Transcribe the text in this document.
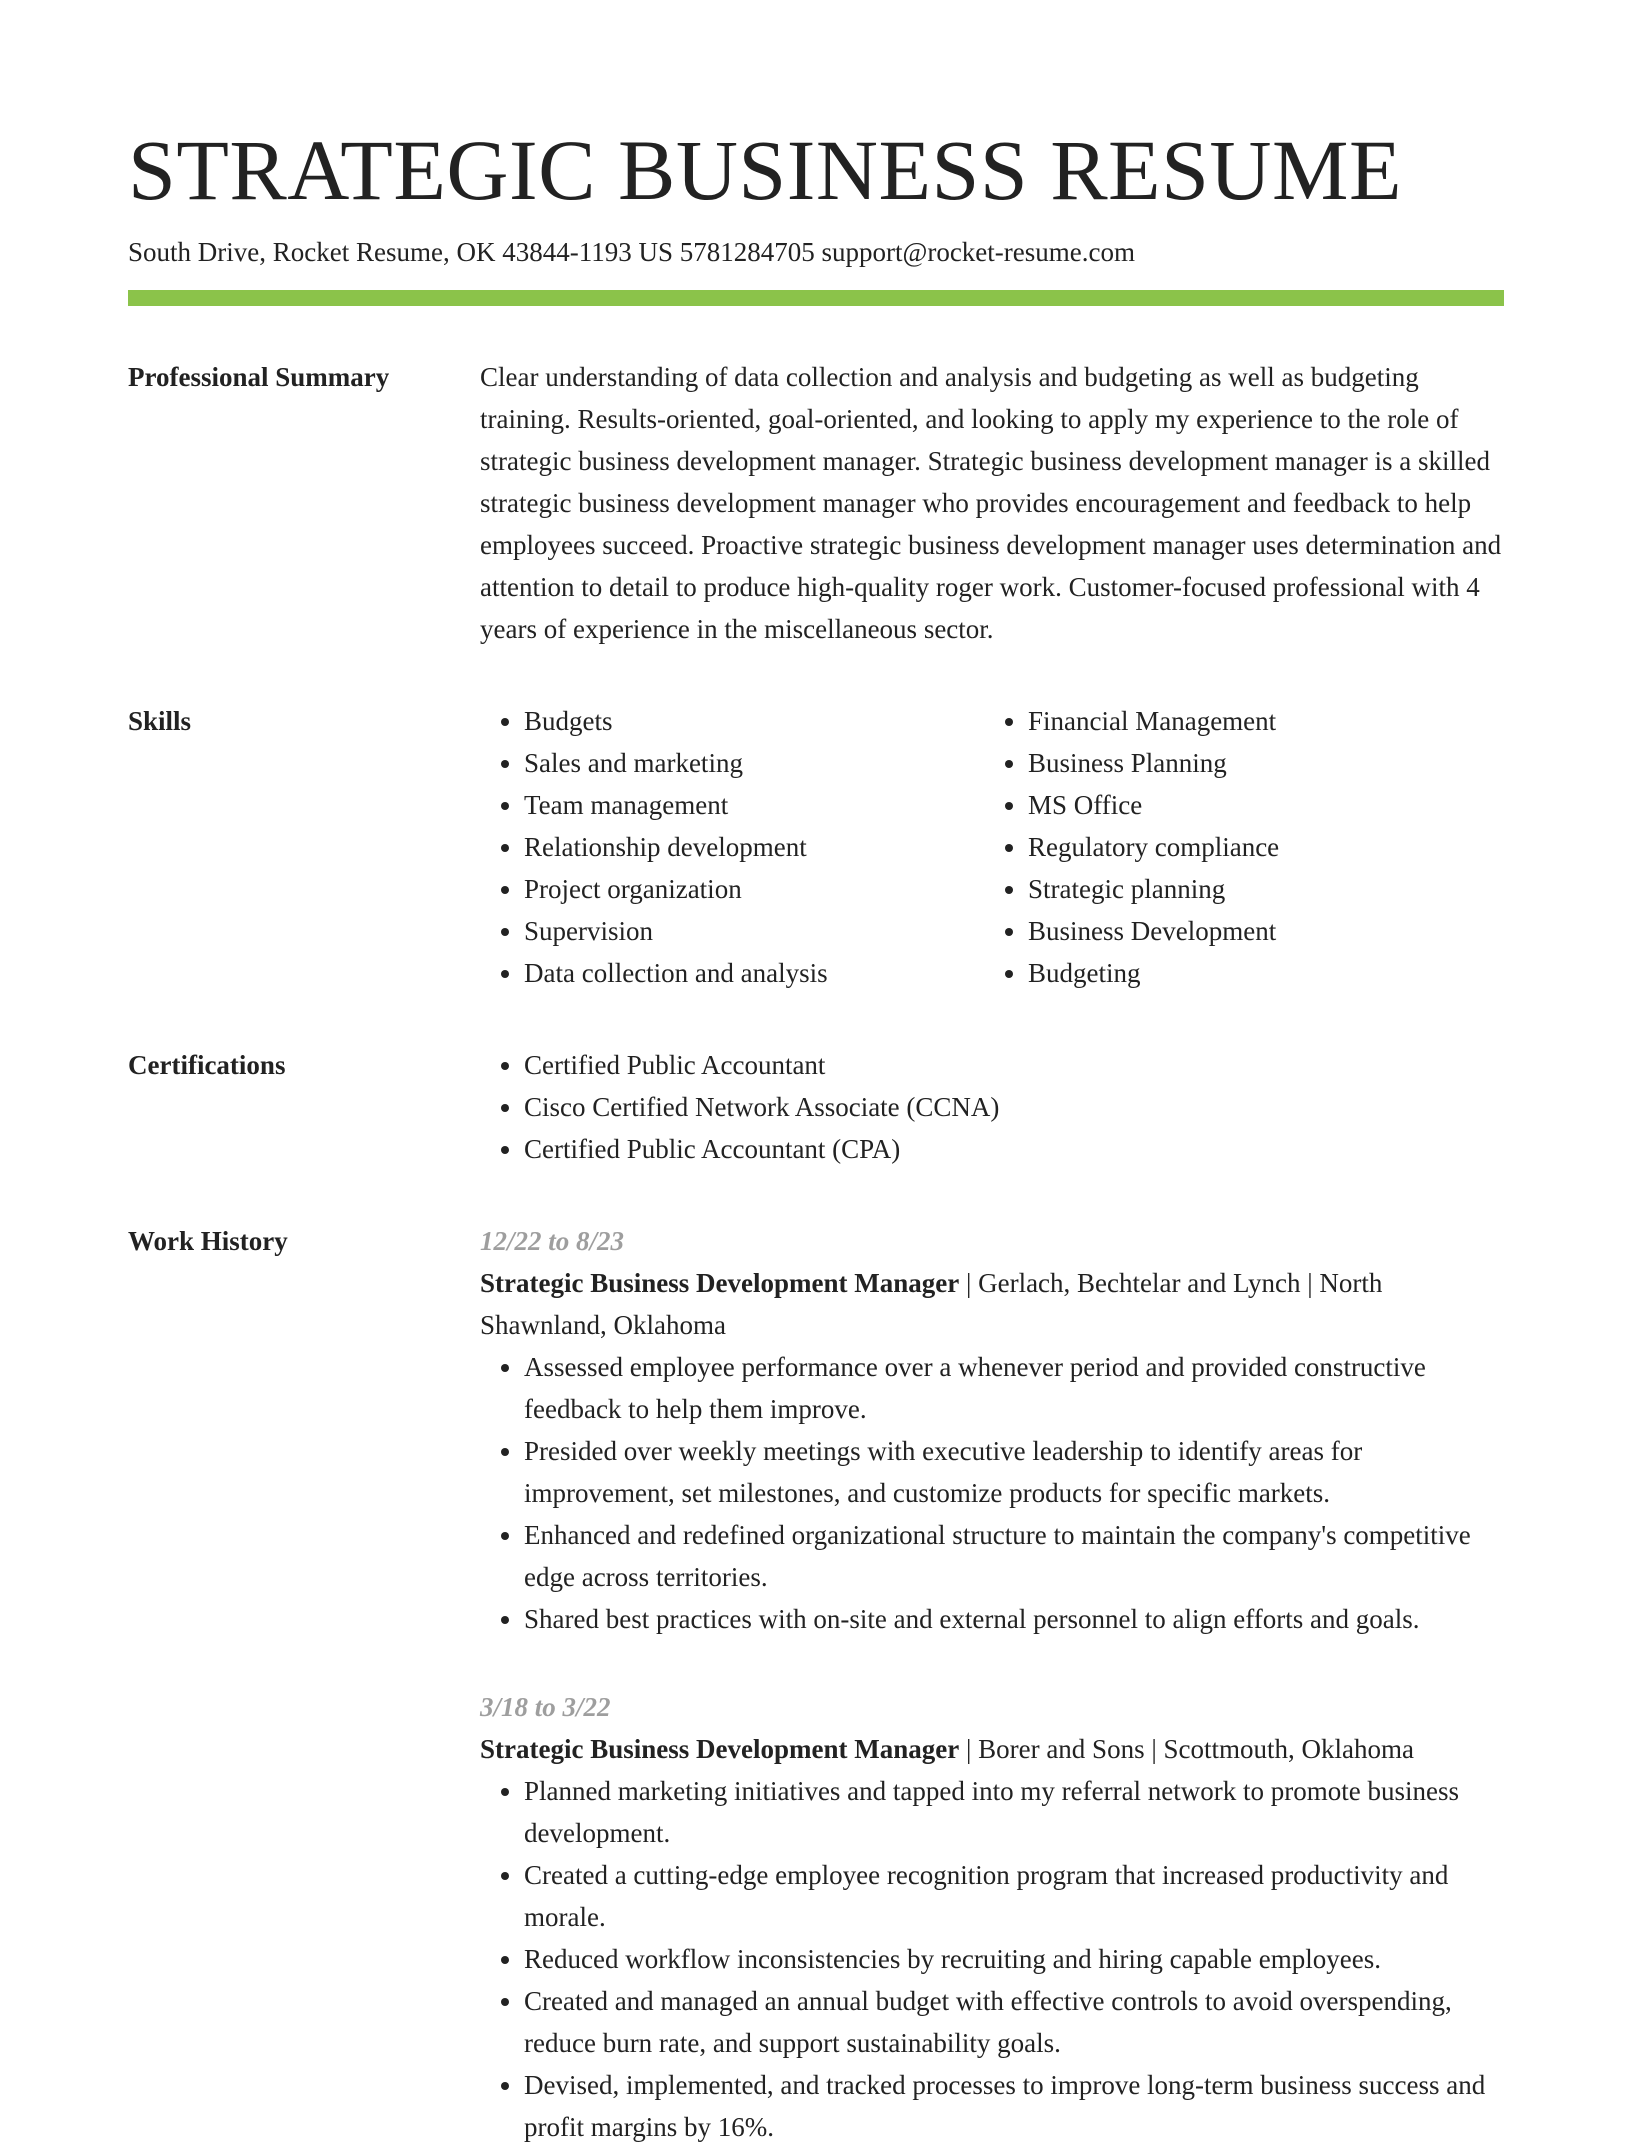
STRATEGIC BUSINESS RESUME
South Drive, Rocket Resume, OK 43844-1193 US 5781284705 support@rocket-resume.com
Professional Summary	Clear understanding of data collection and analysis and budgeting as well as budgeting training. Results-oriented, goal-oriented, and looking to apply my experience to the role of strategic business development manager. Strategic business development manager is a skilled strategic business development manager who provides encouragement and feedback to help employees succeed. Proactive strategic business development manager uses determination and attention to detail to produce high-quality roger work. Customer-focused professional with 4 years of experience in the miscellaneous sector.

Skills	• Budgets
• Sales and marketing
• Team management
• Relationship development
• Project organization
• Supervision
• Data collection and analysis
• Financial Management
• Business Planning
• MS Office
• Regulatory compliance
• Strategic planning
• Business Development
• Budgeting
Certifications	• Certified Public Accountant
• Cisco Certified Network Associate (CCNA)
• Certified Public Accountant (CPA)
Work History	12/22 to 8/23

Strategic Business Development Manager | Gerlach, Bechtelar and Lynch | North Shawnland, Oklahoma

• Assessed employee performance over a whenever period and provided constructive feedback to help them improve.
• Presided over weekly meetings with executive leadership to identify areas for improvement, set milestones, and customize products for specific markets.
• Enhanced and redefined organizational structure to maintain the company's competitive edge across territories.
• Shared best practices with on-site and external personnel to align efforts and goals.
3/18 to 3/22

Strategic Business Development Manager | Borer and Sons | Scottmouth, Oklahoma

• Planned marketing initiatives and tapped into my referral network to promote business development.
• Created a cutting-edge employee recognition program that increased productivity and morale.
• Reduced workflow inconsistencies by recruiting and hiring capable employees.
• Created and managed an annual budget with effective controls to avoid overspending, reduce burn rate, and support sustainability goals.
• Devised, implemented, and tracked processes to improve long-term business success and profit margins by 16%.
